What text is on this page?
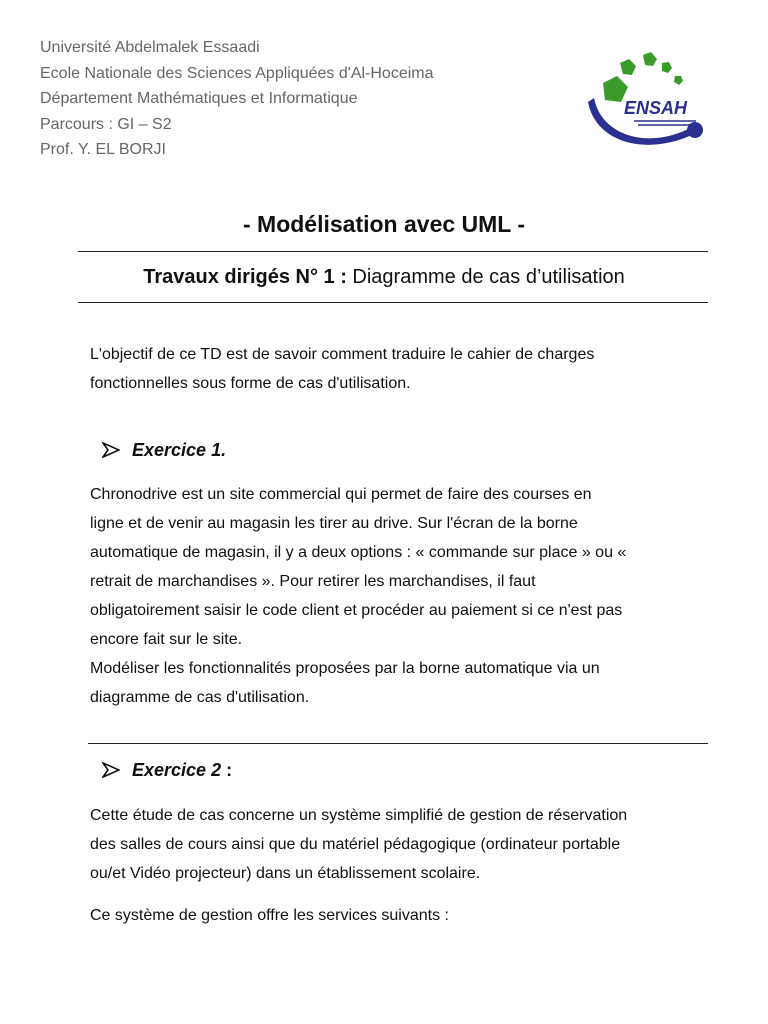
Université Abdelmalek Essaadi
Ecole Nationale des Sciences Appliquées d'Al-Hoceima
Département Mathématiques et Informatique
Parcours : GI – S2
Prof. Y. EL BORJI
ENSAH
- Modélisation avec UML -
Travaux dirigés N° 1 : Diagramme de cas d’utilisation
L'objectif de ce TD est de savoir comment traduire le cahier de charges
fonctionnelles sous forme de cas d'utilisation.
Exercice 1.
Chronodrive est un site commercial qui permet de faire des courses en
ligne et de venir au magasin les tirer au drive. Sur l'écran de la borne
automatique de magasin, il y a deux options : « commande sur place » ou «
retrait de marchandises ». Pour retirer les marchandises, il faut
obligatoirement saisir le code client et procéder au paiement si ce n'est pas
encore fait sur le site.
Modéliser les fonctionnalités proposées par la borne automatique via un
diagramme de cas d'utilisation.
Exercice 2 :
Cette étude de cas concerne un système simplifié de gestion de réservation
des salles de cours ainsi que du matériel pédagogique (ordinateur portable
ou/et Vidéo projecteur) dans un établissement scolaire.
Ce système de gestion offre les services suivants :
